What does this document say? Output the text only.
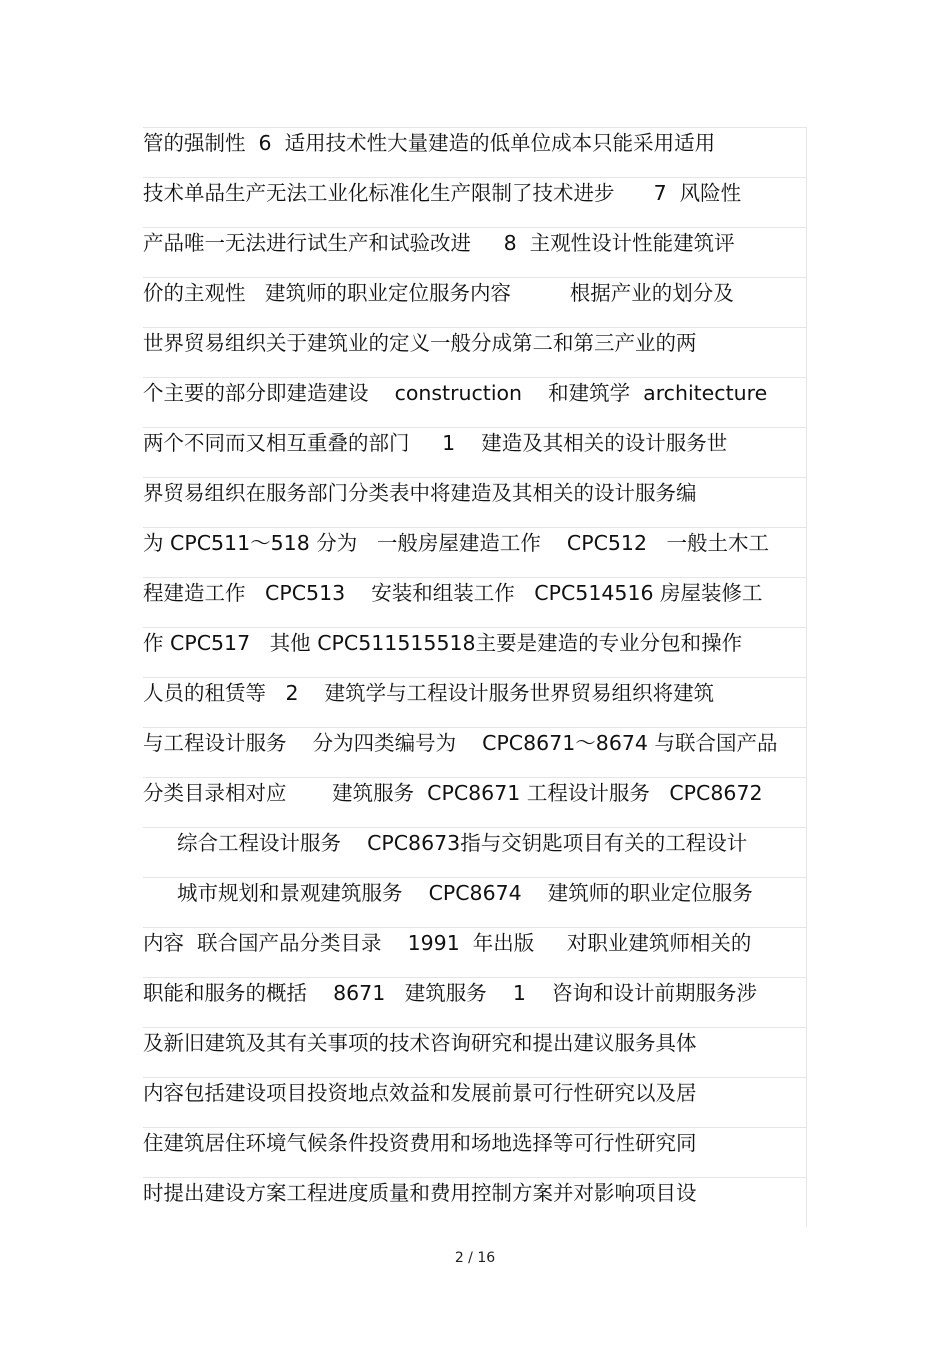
管的强制性  6  适用技术性大量建造的低单位成本只能采用适用
技术单品生产无法工业化标准化生产限制了技术进步      7  风险性
产品唯一无法进行试生产和试验改进     8  主观性设计性能建筑评
价的主观性   建筑师的职业定位服务内容         根据产业的划分及
世界贸易组织关于建筑业的定义一般分成第二和第三产业的两
个主要的部分即建造建设    construction    和建筑学  architecture
两个不同而又相互重叠的部门     1    建造及其相关的设计服务世
界贸易组织在服务部门分类表中将建造及其相关的设计服务编
为 CPC511～518 分为   一般房屋建造工作    CPC512   一般土木工
程建造工作   CPC513    安装和组装工作   CPC514516 房屋装修工
作 CPC517   其他 CPC511515518主要是建造的专业分包和操作
人员的租赁等   2    建筑学与工程设计服务世界贸易组织将建筑
与工程设计服务    分为四类编号为    CPC8671～8674 与联合国产品
分类目录相对应       建筑服务  CPC8671 工程设计服务   CPC8672
综合工程设计服务    CPC8673指与交钥匙项目有关的工程设计
城市规划和景观建筑服务    CPC8674    建筑师的职业定位服务
内容  联合国产品分类目录    1991  年出版     对职业建筑师相关的
职能和服务的概括    8671   建筑服务    1    咨询和设计前期服务涉
及新旧建筑及其有关事项的技术咨询研究和提出建议服务具体
内容包括建设项目投资地点效益和发展前景可行性研究以及居
住建筑居住环境气候条件投资费用和场地选择等可行性研究同
时提出建设方案工程进度质量和费用控制方案并对影响项目设
2 / 16
